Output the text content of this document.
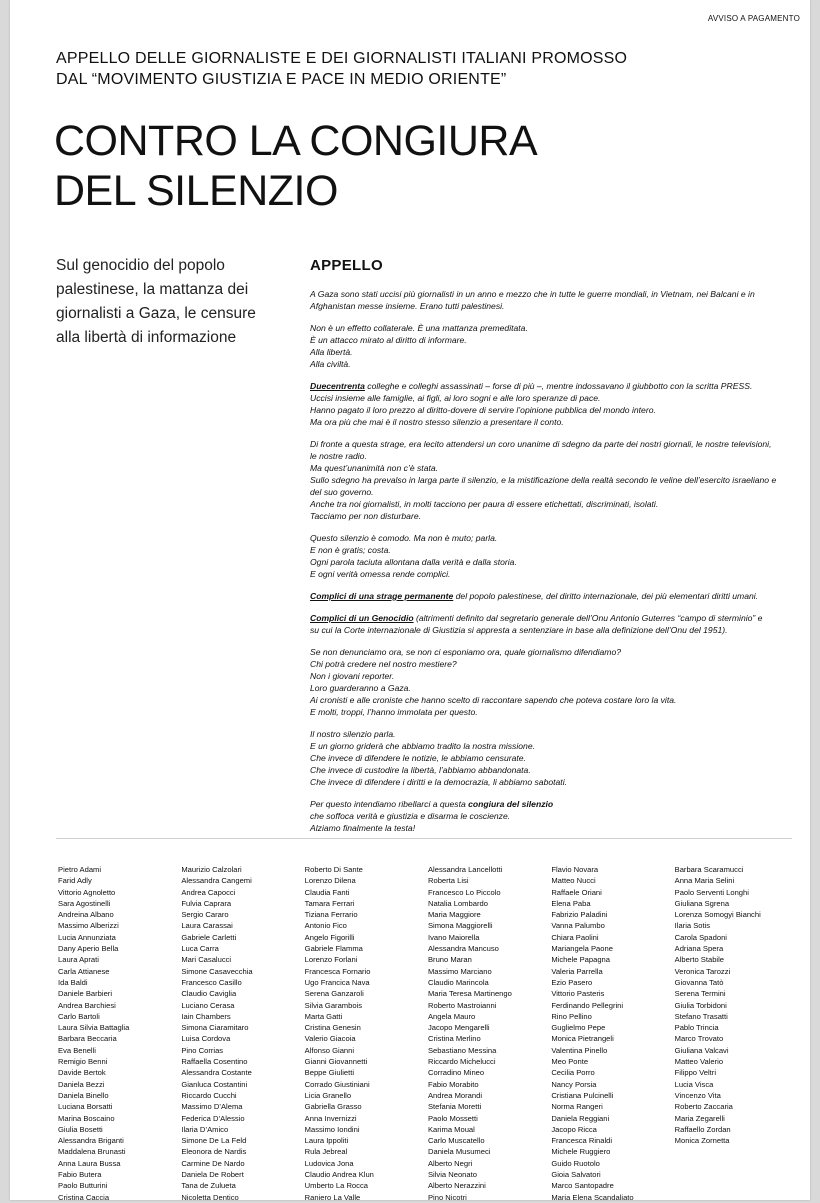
AVVISO A PAGAMENTO
APPELLO DELLE GIORNALISTE E DEI GIORNALISTI ITALIANI PROMOSSO
DAL “MOVIMENTO GIUSTIZIA E PACE IN MEDIO ORIENTE”
CONTRO LA CONGIURA
DEL SILENZIO
Sul genocidio del popolo palestinese, la mattanza dei giornalisti a Gaza, le censure alla libertà di informazione
APPELLO

A Gaza sono stati uccisi più giornalisti in un anno e mezzo che in tutte le guerre mondiali, in Vietnam, nei Balcani e in
Afghanistan messe insieme. Erano tutti palestinesi.

Non è un effetto collaterale. È una mattanza premeditata.
È un attacco mirato al diritto di informare.
Alla libertà.
Alla civiltà.

Duecentrenta colleghe e colleghi assassinati – forse di più –, mentre indossavano il giubbotto con la scritta PRESS.
Uccisi insieme alle famiglie, ai figli, ai loro sogni e alle loro speranze di pace.
Hanno pagato il loro prezzo al diritto-dovere di servire l’opinione pubblica del mondo intero.
Ma ora più che mai è il nostro stesso silenzio a presentare il conto.

Di fronte a questa strage, era lecito attendersi un coro unanime di sdegno da parte dei nostri giornali, le nostre televisioni,
le nostre radio.
Ma quest’unanimità non c’è stata.
Sullo sdegno ha prevalso in larga parte il silenzio, e la mistificazione della realtà secondo le veline dell’esercito israeliano e
del suo governo.
Anche tra noi giornalisti, in molti tacciono per paura di essere etichettati, discriminati, isolati.
Tacciamo per non disturbare.

Questo silenzio è comodo. Ma non è muto; parla.
E non è gratis; costa.
Ogni parola taciuta allontana dalla verità e dalla storia.
E ogni verità omessa rende complici.

Complici di una strage permanente del popolo palestinese, del diritto internazionale, dei più elementari diritti umani.

Complici di un Genocidio (altrimenti definito dal segretario generale dell’Onu Antonio Guterres “campo di sterminio” e
su cui la Corte internazionale di Giustizia si appresta a sentenziare in base alla definizione dell’Onu del 1951).

Se non denunciamo ora, se non ci esponiamo ora, quale giornalismo difendiamo?
Chi potrà credere nel nostro mestiere?
Non i giovani reporter.
Loro guarderanno a Gaza.
Ai cronisti e alle croniste che hanno scelto di raccontare sapendo che poteva costare loro la vita.
E molti, troppi, l’hanno immolata per questo.

Il nostro silenzio parla.
E un giorno griderà che abbiamo tradito la nostra missione.
Che invece di difendere le notizie, le abbiamo censurate.
Che invece di custodire la libertà, l’abbiamo abbandonata.
Che invece di difendere i diritti e la democrazia, li abbiamo sabotati.

Per questo intendiamo ribellarci a questa congiura del silenzio
che soffoca verità e giustizia e disarma le coscienze.
Alziamo finalmente la testa!

Pietro Adami
Farid Adly
Vittorio Agnoletto
Sara Agostinelli
Andreina Albano
Massimo Alberizzi
Lucia Annunziata
Dany Aperio Bella
Laura Aprati
Carla Attianese
Ida Baldi
Daniele Barbieri
Andrea Barchiesi
Carlo Bartoli
Laura Silvia Battaglia
Barbara Beccaria
Eva Benelli
Remigio Benni
Davide Bertok
Daniela Bezzi
Daniela Binello
Luciana Borsatti
Marina Boscaino
Giulia Bosetti
Alessandra Briganti
Maddalena Brunasti
Anna Laura Bussa
Fabio Butera
Paolo Butturini
Cristina Caccia
Maurizio Calzolari
Alessandra Cangemi
Andrea Capocci
Fulvia Caprara
Sergio Cararo
Laura Carassai
Gabriele Carletti
Luca Carra
Mari Casalucci
Simone Casavecchia
Francesco Casillo
Claudio Caviglia
Luciano Cerasa
Iain Chambers
Simona Ciaramitaro
Luisa Cordova
Pino Corrias
Raffaella Cosentino
Alessandra Costante
Gianluca Costantini
Riccardo Cucchi
Massimo D’Alema
Federica D’Alessio
Ilaria D’Amico
Simone De La Feld
Eleonora de Nardis
Carmine De Nardo
Daniela De Robert
Tana de Zulueta
Nicoletta Dentico
Roberto Di Sante
Lorenzo Dilena
Claudia Fanti
Tamara Ferrari
Tiziana Ferrario
Antonio Fico
Angelo Figorilli
Gabriele Flamma
Lorenzo Forlani
Francesca Fornario
Ugo Francica Nava
Serena Ganzaroli
Silvia Garambois
Marta Gatti
Cristina Genesin
Valerio Giacoia
Alfonso Gianni
Gianni Giovannetti
Beppe Giulietti
Corrado Giustiniani
Licia Granello
Gabriella Grasso
Anna Invernizzi
Massimo Iondini
Laura Ippoliti
Rula Jebreal
Ludovica Jona
Claudio Andrea Klun
Umberto La Rocca
Raniero La Valle
Alessandra Lancellotti
Roberta Lisi
Francesco Lo Piccolo
Natalia Lombardo
Maria Maggiore
Simona Maggiorelli
Ivano Maiorella
Alessandra Mancuso
Bruno Maran
Massimo Marciano
Claudio Marincola
Maria Teresa Martinengo
Roberto Mastroianni
Angela Mauro
Jacopo Mengarelli
Cristina Merlino
Sebastiano Messina
Riccardo Michelucci
Corradino Mineo
Fabio Morabito
Andrea Morandi
Stefania Moretti
Paolo Mossetti
Karima Moual
Carlo Muscatello
Daniela Musumeci
Alberto Negri
Silvia Neonato
Alberto Nerazzini
Pino Nicotri
Flavio Novara
Matteo Nucci
Raffaele Oriani
Elena Paba
Fabrizio Paladini
Vanna Palumbo
Chiara Paolini
Mariangela Paone
Michele Papagna
Valeria Parrella
Ezio Pasero
Vittorio Pasteris
Ferdinando Pellegrini
Rino Pellino
Guglielmo Pepe
Monica Pietrangeli
Valentina Pinello
Meo Ponte
Cecilia Porro
Nancy Porsia
Cristiana Pulcinelli
Norma Rangeri
Daniela Reggiani
Jacopo Ricca
Francesca Rinaldi
Michele Ruggiero
Guido Ruotolo
Gioia Salvatori
Marco Santopadre
Maria Elena Scandaliato
Barbara Scaramucci
Anna Maria Selini
Paolo Serventi Longhi
Giuliana Sgrena
Lorenza Somogyi Bianchi
Ilaria Sotis
Carola Spadoni
Adriana Spera
Alberto Stabile
Veronica Tarozzi
Giovanna Tatò
Serena Termini
Giulia Torbidoni
Stefano Trasatti
Pablo Trincia
Marco Trovato
Giuliana Valcavi
Matteo Valerio
Filippo Veltri
Lucia Visca
Vincenzo Vita
Roberto Zaccaria
Maria Zegarelli
Raffaello Zordan
Monica Zornetta
